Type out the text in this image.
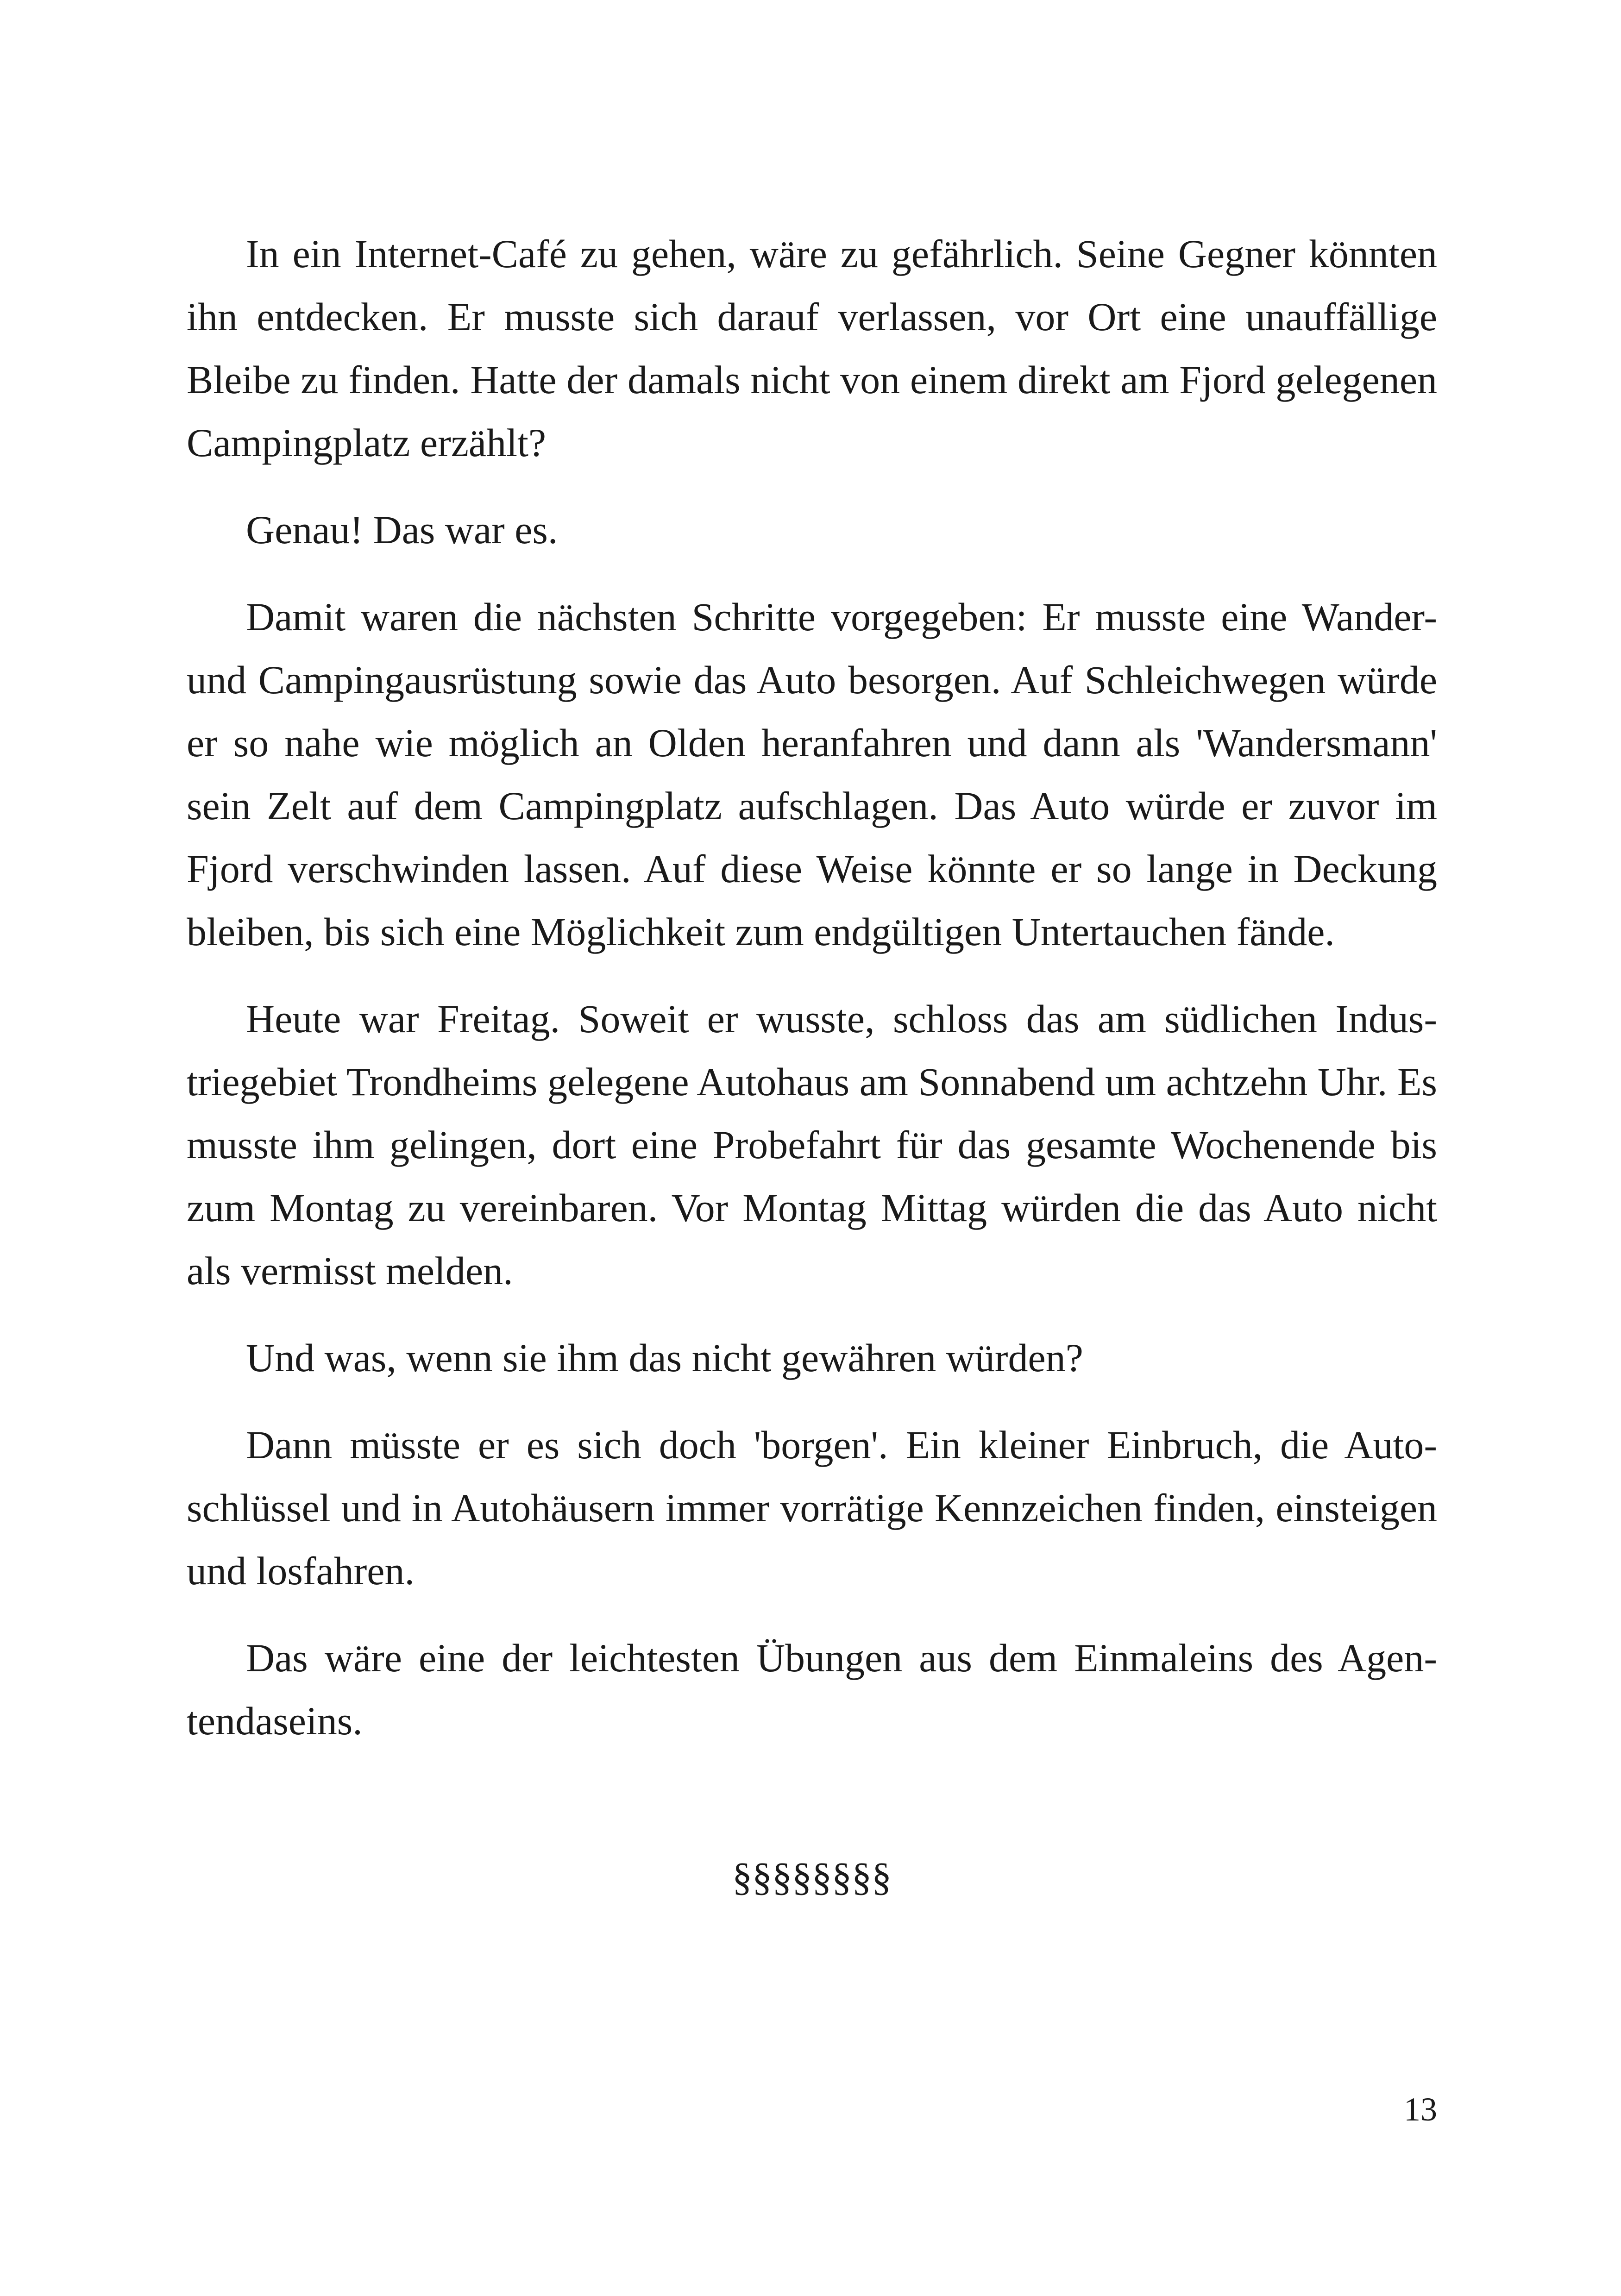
In ein Internet-Café zu gehen, wäre zu gefährlich. Seine Gegner könnten ihn entdecken. Er musste sich darauf verlassen, vor Ort eine unauffällige Bleibe zu finden. Hatte der damals nicht von einem direkt am Fjord gelegenen Campingplatz erzählt?

Genau! Das war es.

Damit waren die nächsten Schritte vorgegeben: Er musste eine Wander- und Campingausrüstung sowie das Auto besorgen. Auf Schleichwegen würde er so nahe wie möglich an Olden heranfahren und dann als 'Wandersmann' sein Zelt auf dem Campingplatz aufschlagen. Das Auto würde er zuvor im Fjord verschwinden lassen. Auf diese Weise könnte er so lange in Deckung bleiben, bis sich eine Möglichkeit zum endgültigen Untertauchen fände.

Heute war Freitag. Soweit er wusste, schloss das am südlichen Industriegebiet Trondheims gelegene Autohaus am Sonnabend um achtzehn Uhr. Es musste ihm gelingen, dort eine Probefahrt für das gesamte Wochenende bis zum Montag zu vereinbaren. Vor Montag Mittag würden die das Auto nicht als vermisst melden.

Und was, wenn sie ihm das nicht gewähren würden?

Dann müsste er es sich doch 'borgen'. Ein kleiner Einbruch, die Autoschlüssel und in Autohäusern immer vorrätige Kennzeichen finden, einsteigen und losfahren.

Das wäre eine der leichtesten Übungen aus dem Einmaleins des Agentendaseins.

§§§§§§§§
13
